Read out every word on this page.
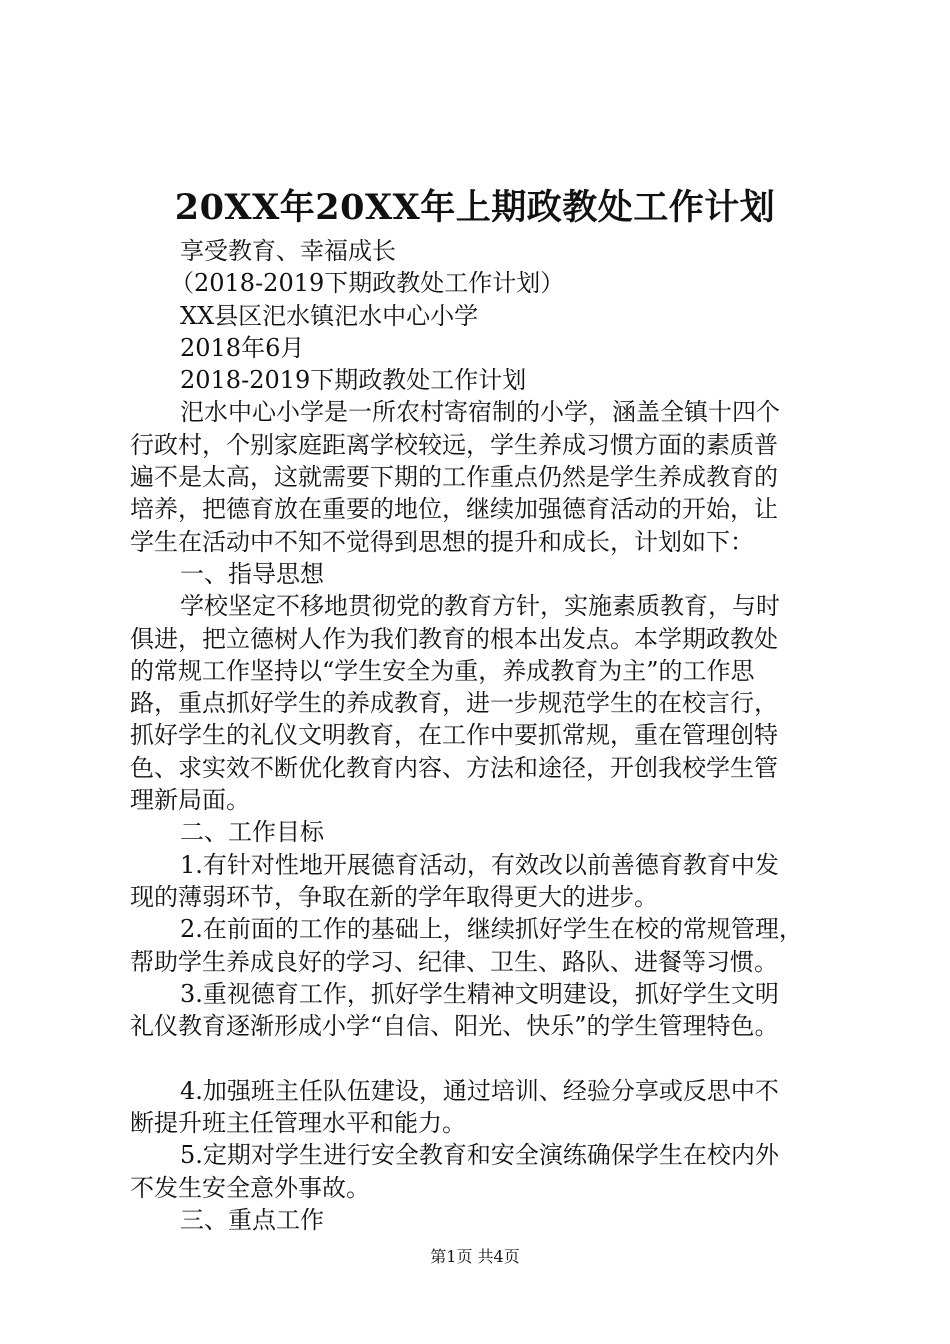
20XX年20XX年上期政教处工作计划
享受教育、幸福成长
（2018-2019下期政教处工作计划）
XX县区汜水镇汜水中心小学
2018年6月
2018-2019下期政教处工作计划
汜水中心小学是一所农村寄宿制的小学，涵盖全镇十四个
行政村，个别家庭距离学校较远，学生养成习惯方面的素质普
遍不是太高，这就需要下期的工作重点仍然是学生养成教育的
培养，把德育放在重要的地位，继续加强德育活动的开始，让
学生在活动中不知不觉得到思想的提升和成长，计划如下：
一、指导思想
学校坚定不移地贯彻党的教育方针，实施素质教育，与时
俱进，把立德树人作为我们教育的根本出发点。本学期政教处
的常规工作坚持以“学生安全为重，养成教育为主”的工作思
路，重点抓好学生的养成教育，进一步规范学生的在校言行，
抓好学生的礼仪文明教育，在工作中要抓常规，重在管理创特
色、求实效不断优化教育内容、方法和途径，开创我校学生管
理新局面。
二、工作目标
1.有针对性地开展德育活动，有效改以前善德育教育中发
现的薄弱环节，争取在新的学年取得更大的进步。
2.在前面的工作的基础上，继续抓好学生在校的常规管理，
帮助学生养成良好的学习、纪律、卫生、路队、进餐等习惯。
3.重视德育工作，抓好学生精神文明建设，抓好学生文明
礼仪教育逐渐形成小学“自信、阳光、快乐”的学生管理特色。
4.加强班主任队伍建设，通过培训、经验分享或反思中不
断提升班主任管理水平和能力。
5.定期对学生进行安全教育和安全演练确保学生在校内外
不发生安全意外事故。
三、重点工作
第1页 共4页
